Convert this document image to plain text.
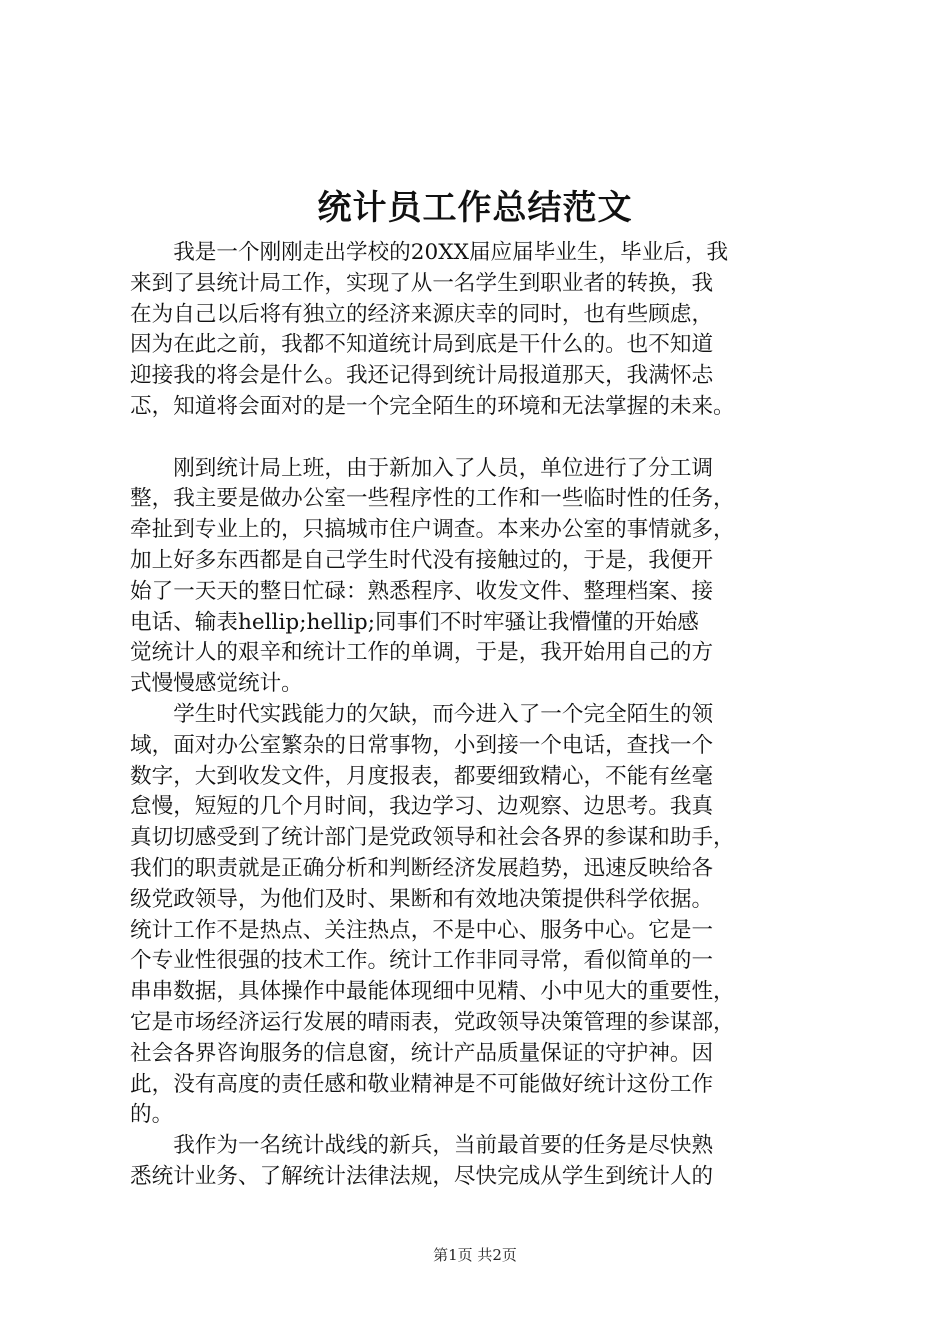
统计员工作总结范文
　　我是一个刚刚走出学校的20XX届应届毕业生，毕业后，我
来到了县统计局工作，实现了从一名学生到职业者的转换，我
在为自己以后将有独立的经济来源庆幸的同时，也有些顾虑，
因为在此之前，我都不知道统计局到底是干什么的。也不知道
迎接我的将会是什么。我还记得到统计局报道那天，我满怀忐
忑，知道将会面对的是一个完全陌生的环境和无法掌握的未来。
　　刚到统计局上班，由于新加入了人员，单位进行了分工调
整，我主要是做办公室一些程序性的工作和一些临时性的任务，
牵扯到专业上的，只搞城市住户调查。本来办公室的事情就多，
加上好多东西都是自己学生时代没有接触过的，于是，我便开
始了一天天的整日忙碌：熟悉程序、收发文件、整理档案、接
电话、输表hellip;hellip;同事们不时牢骚让我懵懂的开始感
觉统计人的艰辛和统计工作的单调，于是，我开始用自己的方
式慢慢感觉统计。
　　学生时代实践能力的欠缺，而今进入了一个完全陌生的领
域，面对办公室繁杂的日常事物，小到接一个电话，查找一个
数字，大到收发文件，月度报表，都要细致精心，不能有丝毫
怠慢，短短的几个月时间，我边学习、边观察、边思考。我真
真切切感受到了统计部门是党政领导和社会各界的参谋和助手，
我们的职责就是正确分析和判断经济发展趋势，迅速反映给各
级党政领导，为他们及时、果断和有效地决策提供科学依据。
统计工作不是热点、关注热点，不是中心、服务中心。它是一
个专业性很强的技术工作。统计工作非同寻常，看似简单的一
串串数据，具体操作中最能体现细中见精、小中见大的重要性，
它是市场经济运行发展的晴雨表，党政领导决策管理的参谋部，
社会各界咨询服务的信息窗，统计产品质量保证的守护神。因
此，没有高度的责任感和敬业精神是不可能做好统计这份工作
的。
　　我作为一名统计战线的新兵，当前最首要的任务是尽快熟
悉统计业务、了解统计法律法规，尽快完成从学生到统计人的
第1页 共2页
